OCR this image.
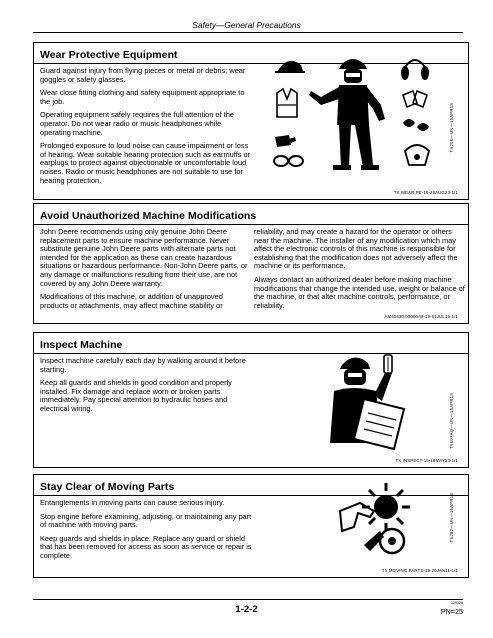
Safety—General Precautions
Wear Protective Equipment

Guard against injury from flying pieces or metal or debris; wear goggles or safety glasses.

Wear close fitting clothing and safety equipment appropriate to the job.

Operating equipment safely requires the full attention of the operator. Do not wear radio or music headphones while operating machine.

Prolonged exposure to loud noise can cause impairment or loss of hearing. Wear suitable hearing protection such as earmuffs or earplugs to protect against objectionable or uncomfortable loud noises. Radio or music headphones are not suitable to use for hearing protection.

TS206—UN—15APR13
TX,WEAR,PE-19-28AUG23-1/1
Avoid Unauthorized Machine Modifications

John Deere recommends using only genuine John Deere replacement parts to ensure machine performance. Never substitute genuine John Deere parts with alternate parts not intended for the application as these can create hazardous situations or hazardous performance. Non-John Deere parts, or any damage or malfunctions resulting from their use, are not covered by any John Deere warranty.

Modifications of this machine, or addition of unapproved products or attachments, may affect machine stability or

reliability, and may create a hazard for the operator or others near the machine. The installer of any modification which may affect the electronic controls of this machine is responsible for establishing that the modification does not adversely affect the machine or its performance.

Always contact an authorized dealer before making machine modifications that change the intended use, weight or balance of the machine, or that alter machine controls, performance, or reliability.

AM40430,00000A8-19-01JUL15-1/1
Inspect Machine

Inspect machine carefully each day by walking around it before starting.

Keep all guards and shields in good condition and properly installed. Fix damage and replace worn or broken parts immediately. Pay special attention to hydraulic hoses and electrical wiring.	T6607AQ—UN—15APR13
TX,INSPECT-19-18MAY23-1/1
Stay Clear of Moving Parts

Entanglements in moving parts can cause serious injury.

Stop engine before examining, adjusting, or maintaining any part of machine with moving parts.

Keep guards and shields in place. Replace any guard or shield that has been removed for access as soon as service or repair is complete.

TS282—UN—15APR13
TX,MOVING,PARTS-19-20JAN11-1/1
1-2-2
120326
PN=25
